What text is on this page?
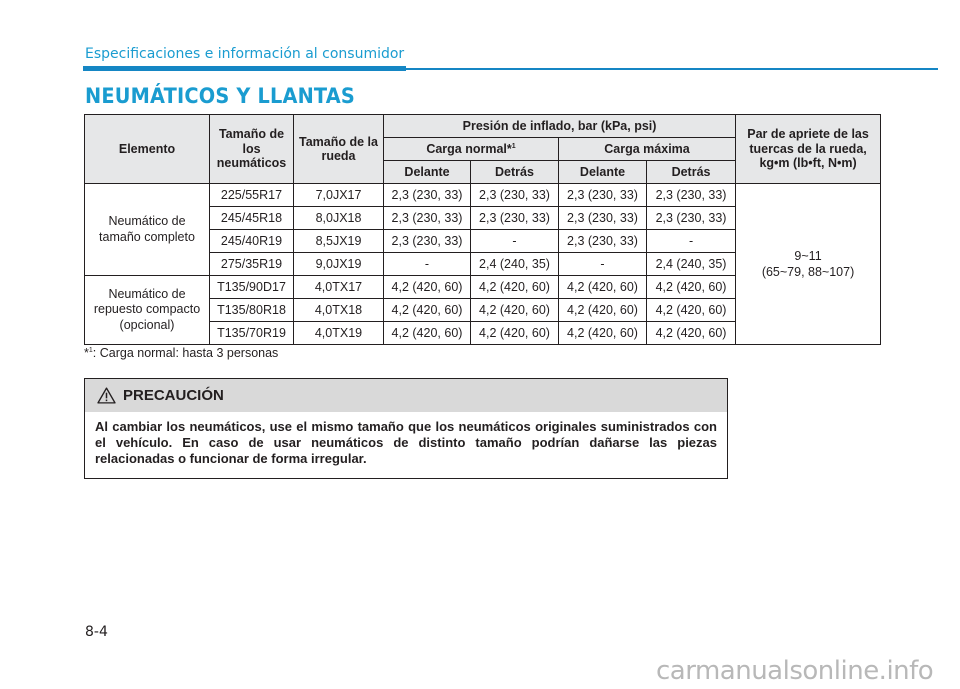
Especificaciones e información al consumidor
NEUMÁTICOS Y LLANTAS
Elemento	Tamaño de los neumáticos	Tamaño de la rueda	Presión de inflado, bar (kPa, psi)				Par de apriete de las tuercas de la rueda, kg•m (lb•ft, N•m)
			Carga normal*$^1$		Carga máxima		
			Delante	Detrás	Delante	Detrás	
Neumático de tamaño completo	225/55R17	7,0JX17	2,3 (230, 33)	2,3 (230, 33)	2,3 (230, 33)	2,3 (230, 33)	9~11
(65~79, 88~107)
	245/45R18	8,0JX18	2,3 (230, 33)	2,3 (230, 33)	2,3 (230, 33)	2,3 (230, 33)	
	245/40R19	8,5JX19	2,3 (230, 33)	-	2,3 (230, 33)	-	
	275/35R19	9,0JX19	-	2,4 (240, 35)	-	2,4 (240, 35)	
Neumático de repuesto compacto (opcional)	T135/90D17	4,0TX17	4,2 (420, 60)	4,2 (420, 60)	4,2 (420, 60)	4,2 (420, 60)	
	T135/80R18	4,0TX18	4,2 (420, 60)	4,2 (420, 60)	4,2 (420, 60)	4,2 (420, 60)	
	T135/70R19	4,0TX19	4,2 (420, 60)	4,2 (420, 60)	4,2 (420, 60)	4,2 (420, 60)	
*$^1$: Carga normal: hasta 3 personas
PRECAUCIÓN
Al cambiar los neumáticos, use el mismo tamaño que los neumáticos originales suministrados con el vehículo. En caso de usar neumáticos de distinto tamaño podrían dañarse las piezas relacionadas o funcionar de forma irregular.
8-4
carmanualsonline.info
